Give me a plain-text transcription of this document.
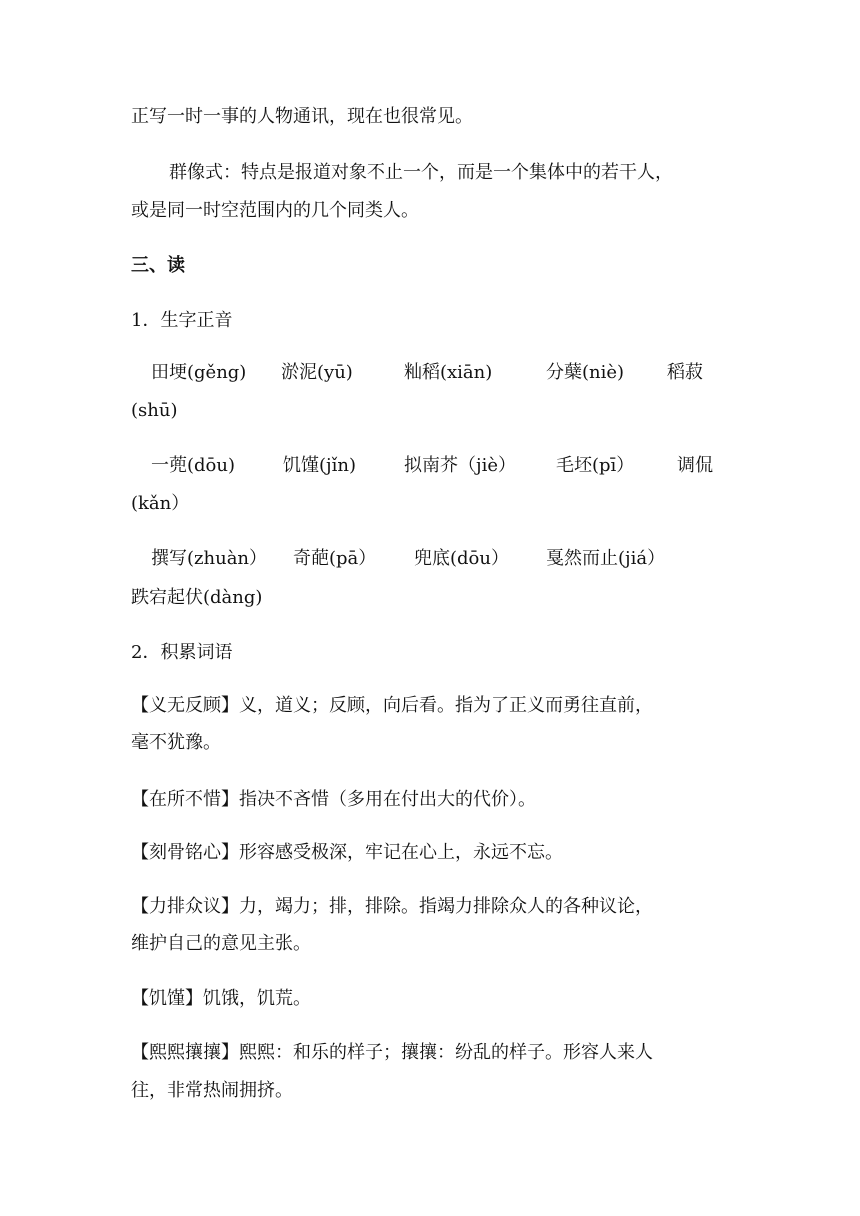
正写一时一事的人物通讯，现在也很常见。
群像式：特点是报道对象不止一个，而是一个集体中的若干人，
或是同一时空范围内的几个同类人。
三、读
1．生字正音
田埂(gěng) 淤泥(yū)	籼稻(xiān)	分蘖(niè) 稻菽
(shū)
一蔸(dōu)	饥馑(jǐn)	拟南芥（jiè） 毛坯(pī） 调侃
(kǎn）
撰写(zhuàn） 奇葩(pā） 兜底(dōu） 戛然而止(jiá）
跌宕起伏(dàng)
2．积累词语
【义无反顾】义，道义；反顾，向后看。指为了正义而勇往直前，
毫不犹豫。
【在所不惜】指决不吝惜（多用在付出大的代价）。
【刻骨铭心】形容感受极深，牢记在心上，永远不忘。
【力排众议】力，竭力；排，排除。指竭力排除众人的各种议论，
维护自己的意见主张。
【饥馑】饥饿，饥荒。
【熙熙攘攘】熙熙：和乐的样子；攘攘：纷乱的样子。形容人来人
往，非常热闹拥挤。
